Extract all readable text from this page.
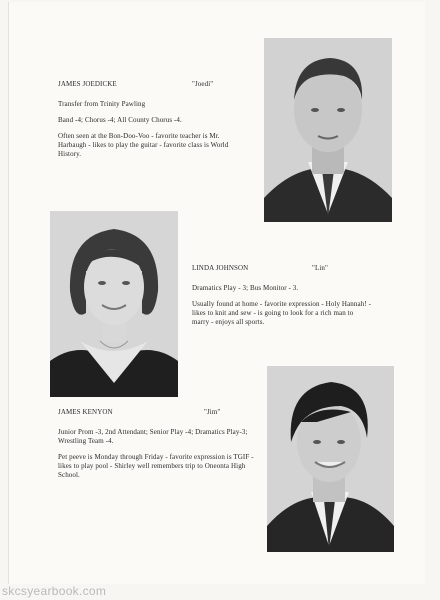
JAMES JOEDICKE	"Joedi"

Transfer from Trinity Pawling

Band -4; Chorus -4; All County Chorus -4.

Often seen at the Bon-Doo-Voo - favorite teacher is Mr. Harbaugh - likes to play the guitar - favorite class is World History.

LINDA JOHNSON	"Lin"

Dramatics Play - 3; Bus Monitor - 3.

Usually found at home - favorite expression - Holy Hannah! - likes to knit and sew - is going to look for a rich man to marry - enjoys all sports.

JAMES KENYON	"Jim"

Junior Prom -3, 2nd Attendant; Senior Play -4; Dramatics Play-3; Wrestling Team -4.

Pet peeve is Monday through Friday - favorite expression is TGIF - likes to play pool - Shirley well remembers trip to Oneonta High School.

skcsyearbook.com
